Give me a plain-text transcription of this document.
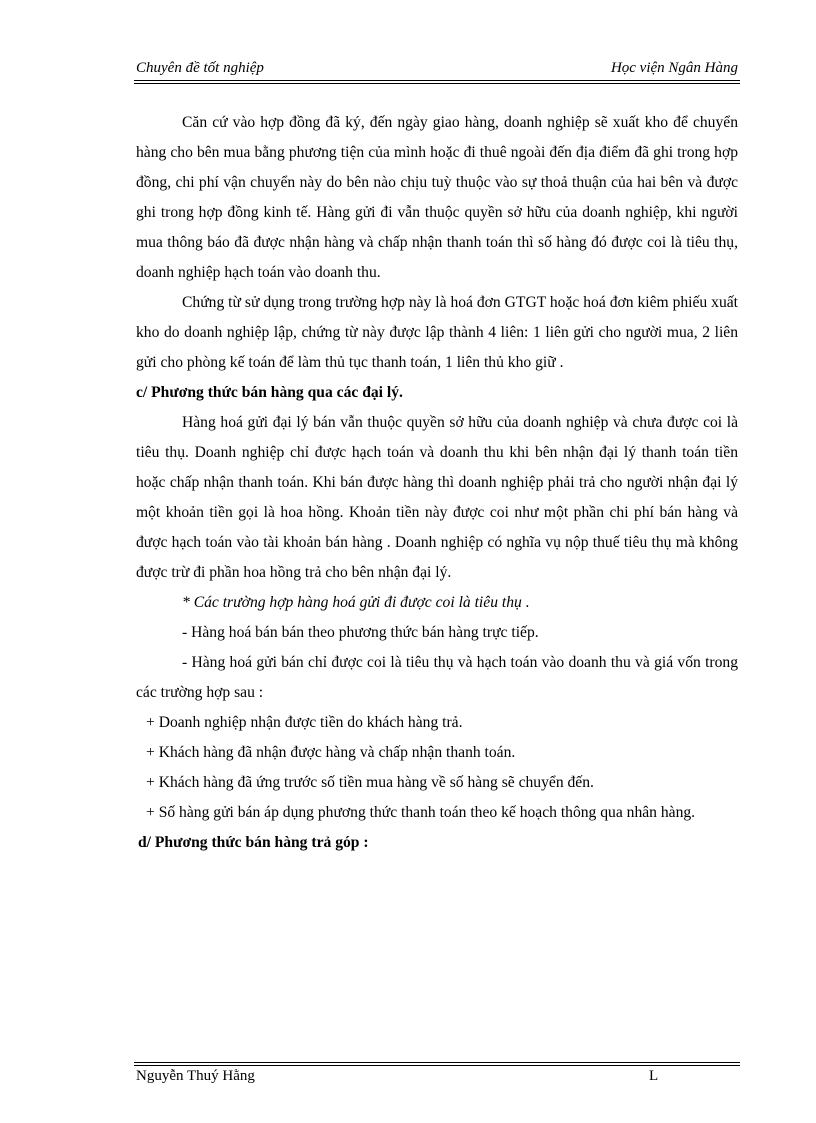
Chuyên đề tốt nghiệp	Học viện Ngân Hàng

Căn cứ vào hợp đồng đã ký, đến ngày giao hàng, doanh nghiệp sẽ xuất kho để chuyển hàng cho bên mua bằng phương tiện của mình hoặc đi thuê ngoài đến địa điểm đã ghi trong hợp đồng, chi phí vận chuyển này do bên nào chịu tuỳ thuộc vào sự thoả thuận của hai bên và được ghi trong hợp đồng kinh tế. Hàng gửi đi vẫn thuộc quyền sở hữu của doanh nghiệp, khi người mua thông báo đã được nhận hàng và chấp nhận thanh toán thì số hàng đó được coi là tiêu thụ, doanh nghiệp hạch toán vào doanh thu.

Chứng từ sử dụng trong trường hợp này là hoá đơn GTGT hoặc hoá đơn kiêm phiếu xuất kho do doanh nghiệp lập, chứng từ này được lập thành 4 liên: 1 liên gửi cho người mua, 2 liên gửi cho phòng kế toán để làm thủ tục thanh toán, 1 liên thủ kho giữ .

c/ Phương thức bán hàng qua các đại lý.

Hàng hoá gửi đại lý bán vẫn thuộc quyền sở hữu của doanh nghiệp và chưa được coi là tiêu thụ. Doanh nghiệp chỉ được hạch toán và doanh thu khi bên nhận đại lý thanh toán tiền hoặc chấp nhận thanh toán. Khi bán được hàng thì doanh nghiệp phải trả cho người nhận đại lý một khoản tiền gọi là hoa hồng. Khoản tiền này được coi như một phần chi phí bán hàng và được hạch toán vào tài khoản bán hàng . Doanh nghiệp có nghĩa vụ nộp thuế tiêu thụ mà không được trừ đi phần hoa hồng trả cho bên nhận đại lý.

* Các trường hợp hàng hoá gửi đi được coi là tiêu thụ .

- Hàng hoá bán bán theo phương thức bán hàng trực tiếp.

- Hàng hoá gửi bán chỉ được coi là tiêu thụ và hạch toán vào doanh thu và giá vốn trong các trường hợp sau :

+ Doanh nghiệp nhận được tiền do khách hàng trả.

+ Khách hàng đã nhận được hàng và chấp nhận thanh toán.

+ Khách hàng đã ứng trước số tiền mua hàng về số hàng sẽ chuyển đến.

+ Số hàng gửi bán áp dụng phương thức thanh toán theo kế hoạch thông qua nhân hàng.

d/ Phương thức bán hàng trả góp :

Nguyễn Thuý Hằng	L
